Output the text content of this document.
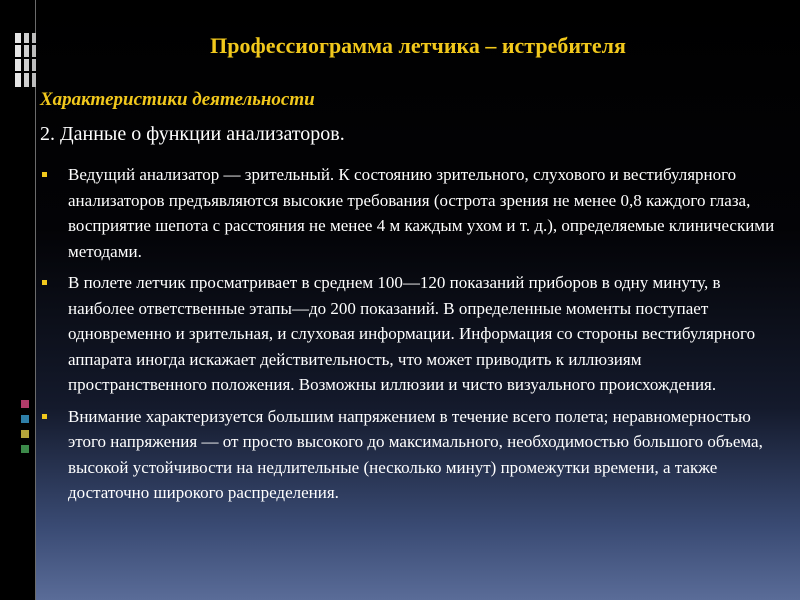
Профессиограмма летчика – истребителя
Характеристики деятельности
2. Данные о функции анализаторов.
Ведущий анализатор — зрительный. К состоянию зрительного, слухового и вестибулярного анализаторов предъявляются высокие требования (острота зрения не менее 0,8 каждого глаза, восприятие шепота с расстояния не менее 4 м каждым ухом и т. д.), определяемые клиническими методами.
В полете летчик просматривает в среднем 100—120 показаний приборов в одну минуту, в наиболее ответственные этапы—до 200 показаний. В определенные моменты поступает одновременно и зрительная, и слуховая информации. Информация со стороны вестибулярного аппарата иногда искажает действительность, что может приводить к иллюзиям пространственного положения. Возможны иллюзии и чисто визуального происхождения.
Внимание характеризуется большим напряжением в течение всего полета; неравномерностью этого напряжения — от просто высокого до максимального, необходимостью большого объема, высокой устойчивости на недлительные (несколько минут) промежутки времени, а также достаточно широкого распределения.
